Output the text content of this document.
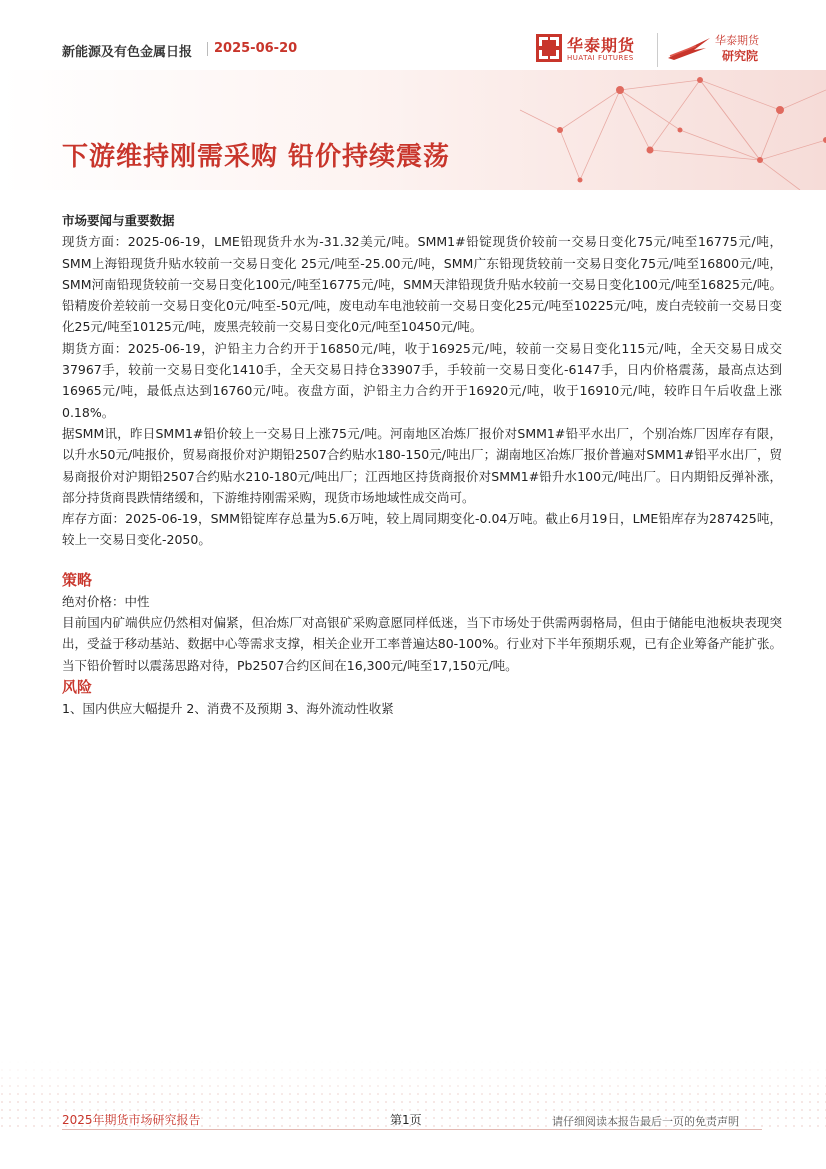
新能源及有色金属日报 2025-06-20	华泰期货
HUATAI FUTURES
华泰期货
研究院
下游维持刚需采购 铅价持续震荡
市场要闻与重要数据

现货方面：2025-06-19，LME铅现货升水为-31.32美元/吨。SMM1#铅锭现货价较前一交易日变化75元/吨至16775元/吨，SMM上海铅现货升贴水较前一交易日变化 25元/吨至-25.00元/吨，SMM广东铅现货较前一交易日变化75元/吨至16800元/吨，SMM河南铅现货较前一交易日变化100元/吨至16775元/吨，SMM天津铅现货升贴水较前一交易日变化100元/吨至16825元/吨。铅精废价差较前一交易日变化0元/吨至-50元/吨，废电动车电池较前一交易日变化25元/吨至10225元/吨，废白壳较前一交易日变化25元/吨至10125元/吨，废黑壳较前一交易日变化0元/吨至10450元/吨。

期货方面：2025-06-19，沪铅主力合约开于16850元/吨，收于16925元/吨，较前一交易日变化115元/吨，全天交易日成交37967手，较前一交易日变化1410手，全天交易日持仓33907手，手较前一交易日变化-6147手，日内价格震荡，最高点达到16965元/吨，最低点达到16760元/吨。夜盘方面，沪铅主力合约开于16920元/吨，收于16910元/吨，较昨日午后收盘上涨0.18%。

据SMM讯，昨日SMM1#铅价较上一交易日上涨75元/吨。河南地区冶炼厂报价对SMM1#铅平水出厂，个别冶炼厂因库存有限，以升水50元/吨报价，贸易商报价对沪期铅2507合约贴水180-150元/吨出厂；湖南地区冶炼厂报价普遍对SMM1#铅平水出厂，贸易商报价对沪期铅2507合约贴水210-180元/吨出厂；江西地区持货商报价对SMM1#铅升水100元/吨出厂。日内期铅反弹补涨，部分持货商畏跌情绪缓和，下游维持刚需采购，现货市场地域性成交尚可。

库存方面：2025-06-19，SMM铅锭库存总量为5.6万吨，较上周同期变化-0.04万吨。截止6月19日，LME铅库存为287425吨，较上一交易日变化-2050。

策略

绝对价格：中性

目前国内矿端供应仍然相对偏紧，但冶炼厂对高银矿采购意愿同样低迷，当下市场处于供需两弱格局，但由于储能电池板块表现突出，受益于移动基站、数据中心等需求支撑，相关企业开工率普遍达80-100%。行业对下半年预期乐观，已有企业筹备产能扩张。当下铅价暂时以震荡思路对待，Pb2507合约区间在16,300元/吨至17,150元/吨。

风险

1、国内供应大幅提升 2、消费不及预期 3、海外流动性收紧

2025年期货市场研究报告	第1页	请仔细阅读本报告最后一页的免责声明
